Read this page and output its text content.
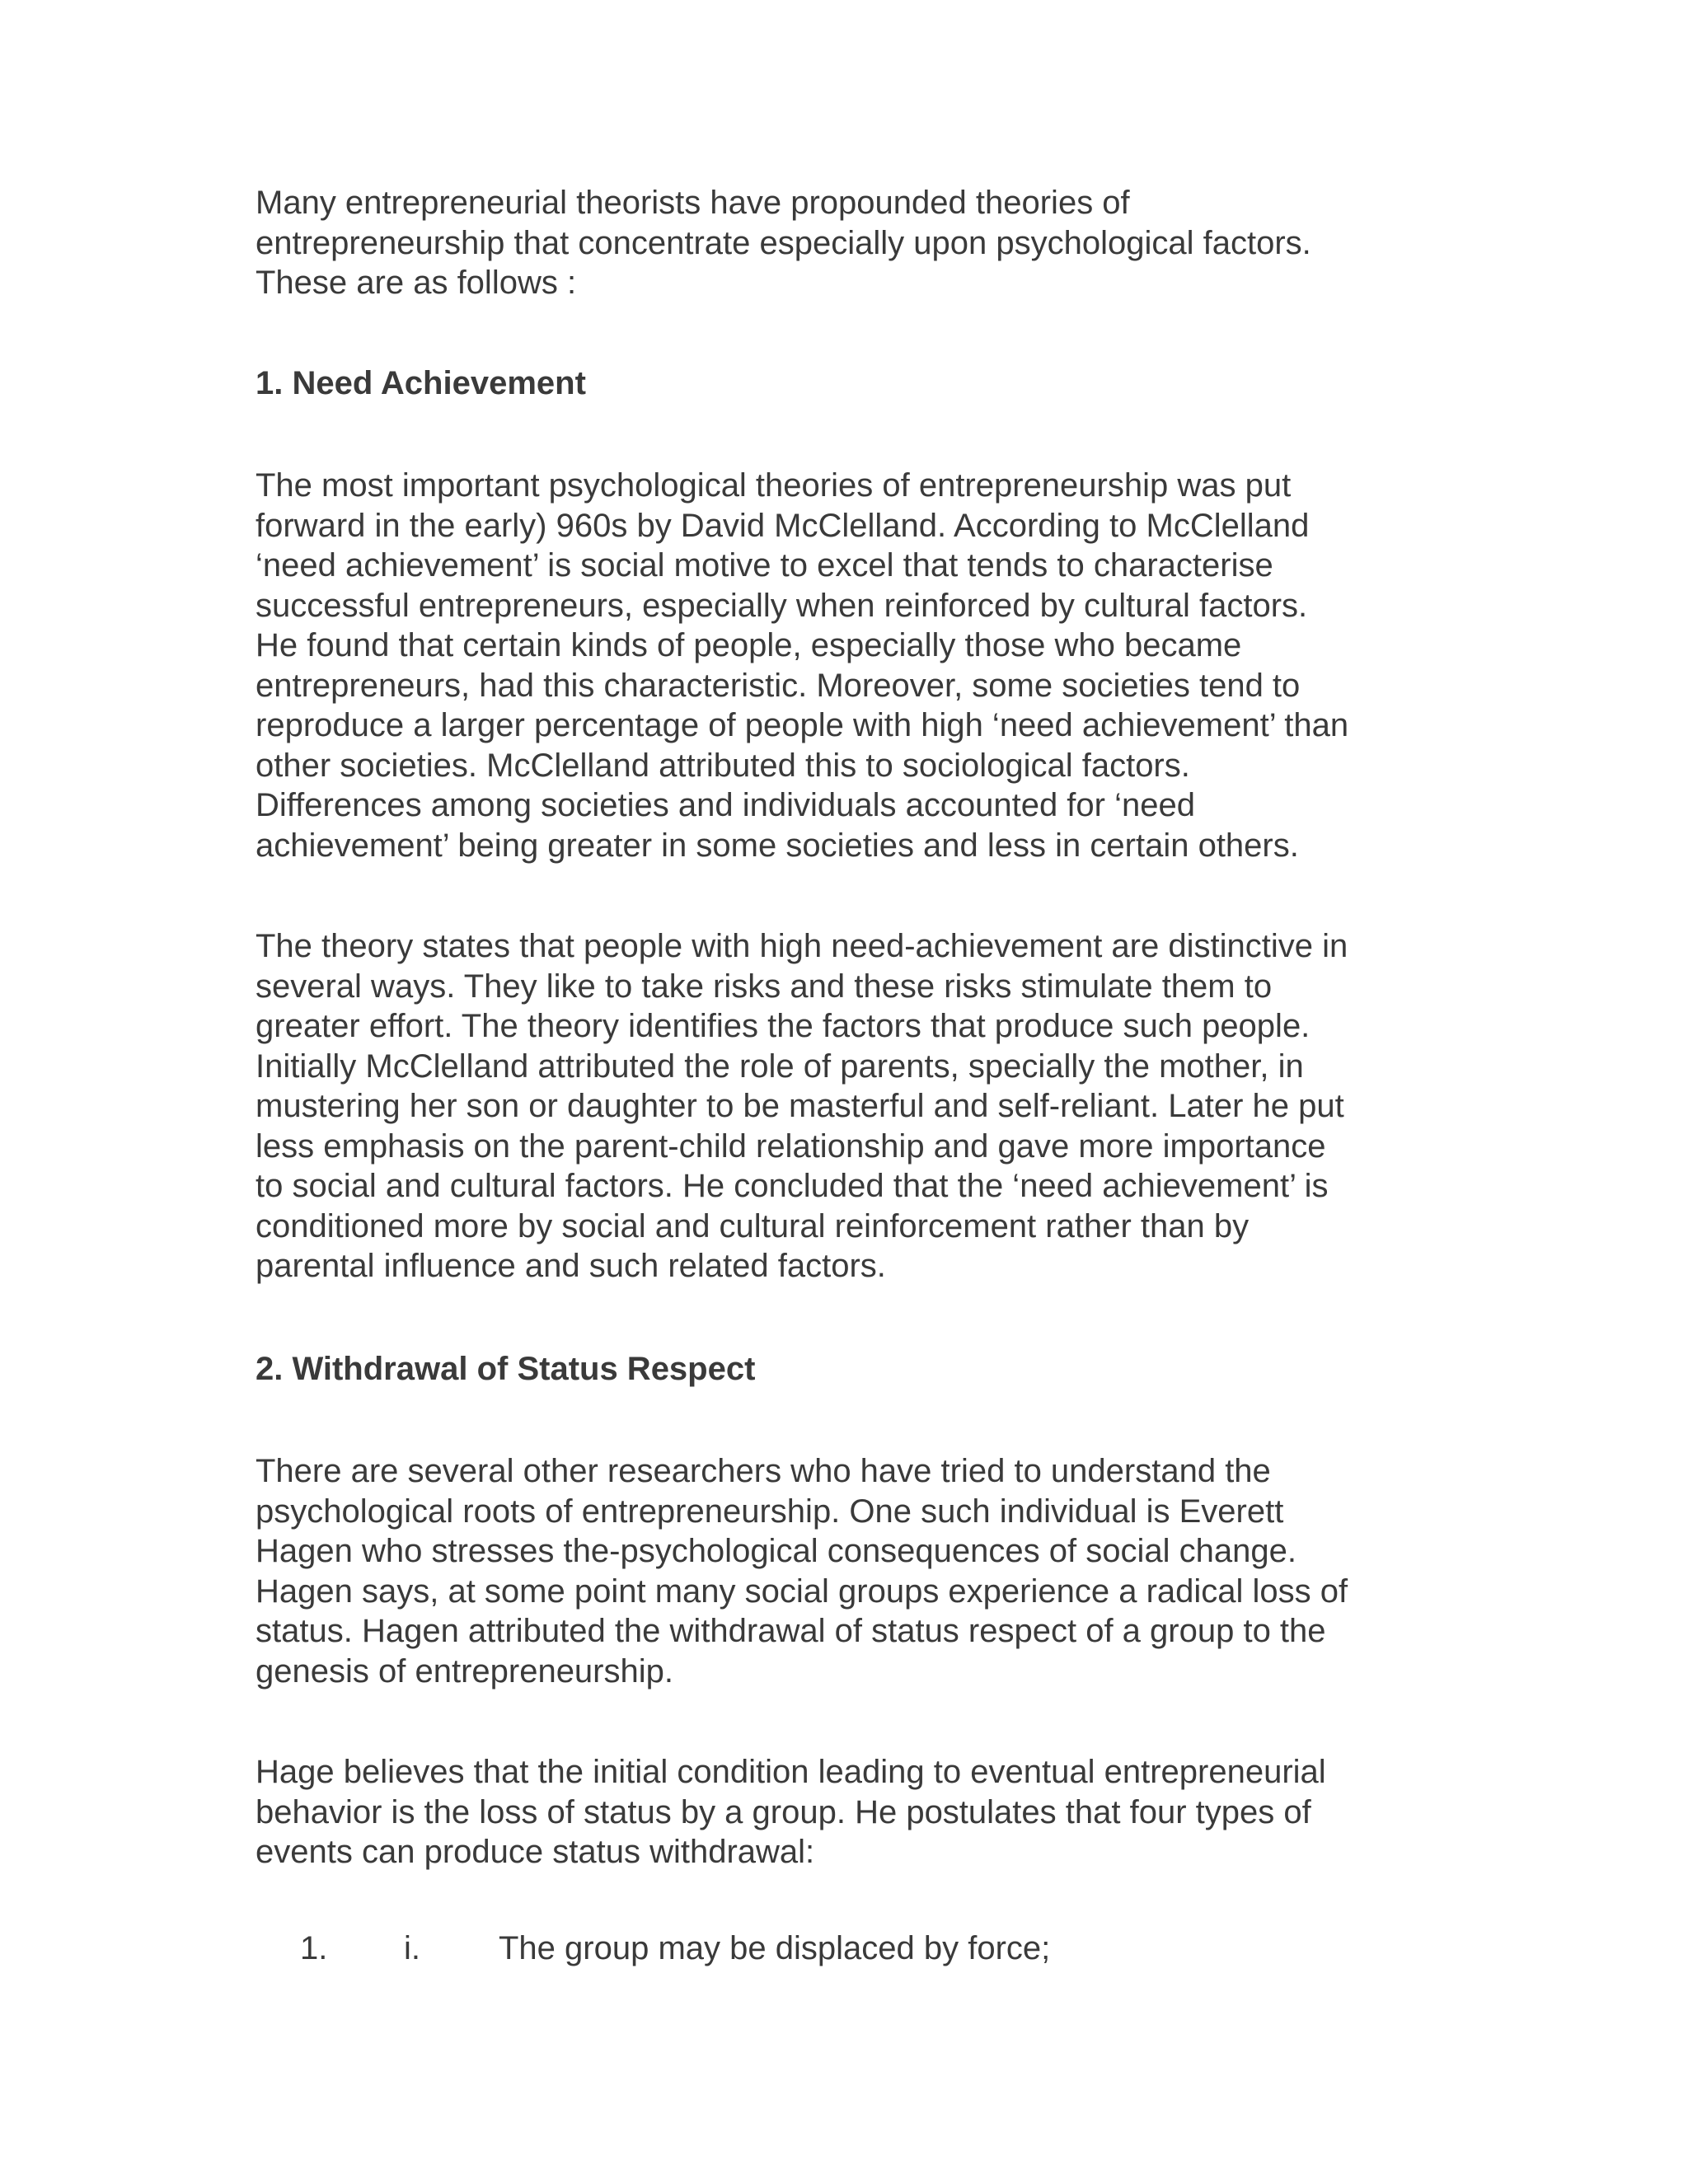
Many entrepreneurial theorists have propounded theories of
entrepreneurship that concentrate especially upon psychological factors.
These are as follows :

1. Need Achievement

The most important psychological theories of entrepreneurship was put
forward in the early) 960s by David McClelland. According to McClelland
‘need achievement’ is social motive to excel that tends to characterise
successful entrepreneurs, especially when reinforced by cultural factors.
He found that certain kinds of people, especially those who became
entrepreneurs, had this characteristic. Moreover, some societies tend to
reproduce a larger percentage of people with high ‘need achievement’ than
other societies. McClelland attributed this to sociological factors.
Differences among societies and individuals accounted for ‘need
achievement’ being greater in some societies and less in certain others.

The theory states that people with high need-achievement are distinctive in
several ways. They like to take risks and these risks stimulate them to
greater effort. The theory identifies the factors that produce such people.
Initially McClelland attributed the role of parents, specially the mother, in
mustering her son or daughter to be masterful and self-reliant. Later he put
less emphasis on the parent-child relationship and gave more importance
to social and cultural factors. He concluded that the ‘need achievement’ is
conditioned more by social and cultural reinforcement rather than by
parental influence and such related factors.

2. Withdrawal of Status Respect

There are several other researchers who have tried to understand the
psychological roots of entrepreneurship. One such individual is Everett
Hagen who stresses the-psychological consequences of social change.
Hagen says, at some point many social groups experience a radical loss of
status. Hagen attributed the withdrawal of status respect of a group to the
genesis of entrepreneurship.

Hage believes that the initial condition leading to eventual entrepreneurial
behavior is the loss of status by a group. He postulates that four types of
events can produce status withdrawal:

1. i. The group may be displaced by force;
